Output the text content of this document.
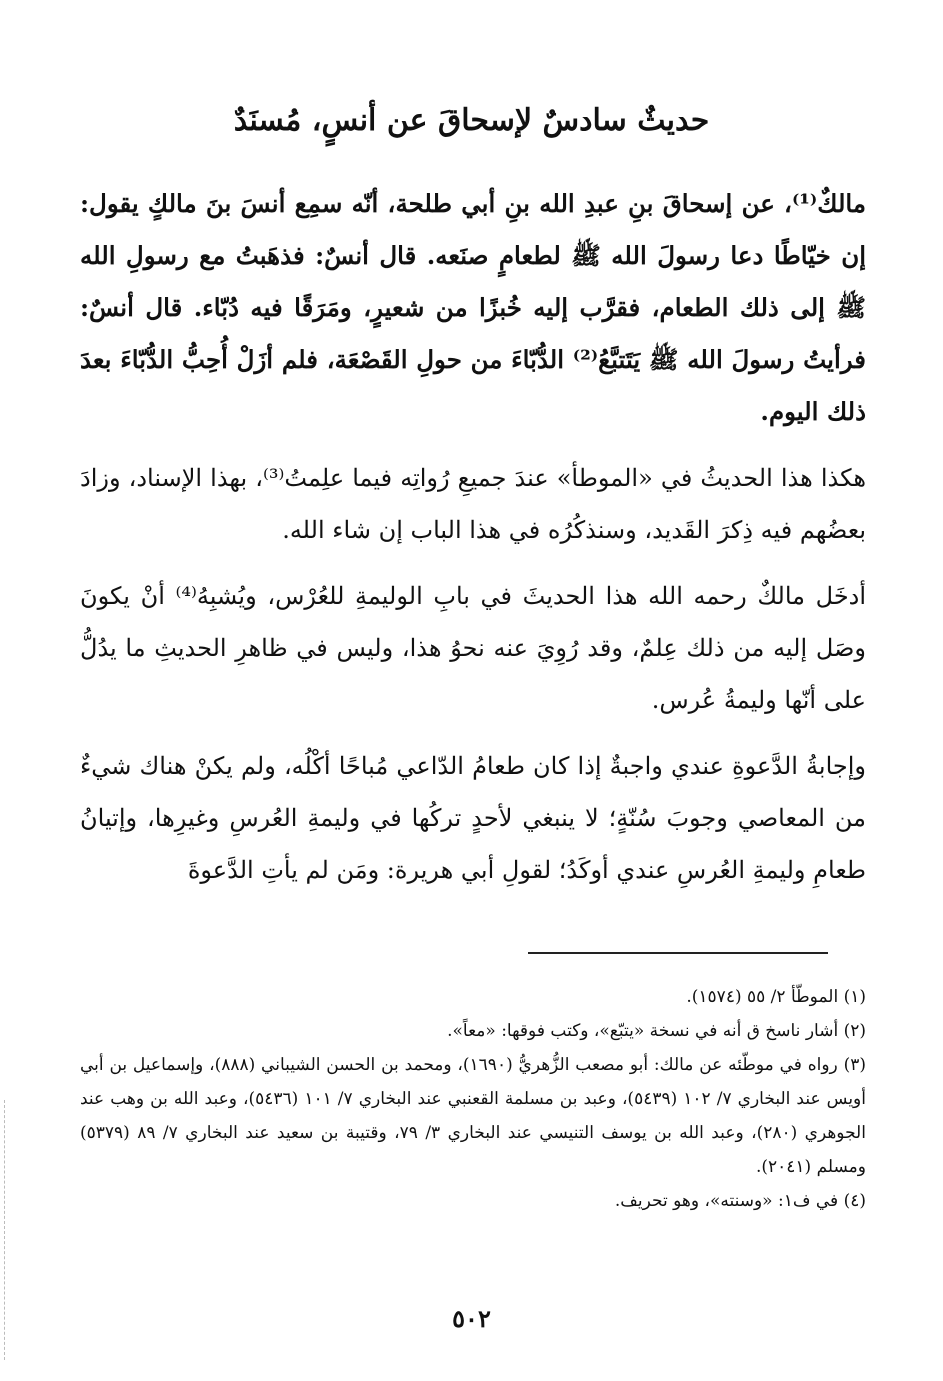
حديثٌ سادسٌ لإسحاقَ عن أنسٍ، مُسنَدٌ

مالكٌ⁽¹⁾، عن إسحاقَ بنِ عبدِ الله بنِ أبي طلحة، أنّه سمِع أنسَ بنَ مالكٍ يقول: إن خيّاطًا دعا رسولَ الله ﷺ لطعامٍ صنَعه. قال أنسٌ: فذهَبتُ مع رسولِ الله ﷺ إلى ذلك الطعام، فقرَّب إليه خُبزًا من شعيرٍ، ومَرَقًا فيه دُبّاء. قال أنسٌ: فرأيتُ رسولَ الله ﷺ يَتَتبَّعُ⁽²⁾ الدُّبّاءَ من حولِ القَصْعَة، فلم أزَلْ أُحِبُّ الدُّبّاءَ بعدَ ذلك اليوم.

هكذا هذا الحديثُ في «الموطأ» عندَ جميعِ رُواتِه فيما علِمتُ⁽³⁾، بهذا الإسناد، وزادَ بعضُهم فيه ذِكرَ القَديد، وسنذكُرُه في هذا الباب إن شاء الله.

أدخَل مالكٌ رحمه الله هذا الحديثَ في بابِ الوليمةِ للعُرْس، ويُشبِهُ⁽⁴⁾ أنْ يكونَ وصَل إليه من ذلك عِلمٌ، وقد رُوِيَ عنه نحوُ هذا، وليس في ظاهرِ الحديثِ ما يدُلُّ على أنّها وليمةُ عُرس.

وإجابةُ الدَّعوةِ عندي واجبةٌ إذا كان طعامُ الدّاعي مُباحًا أكْلُه، ولم يكنْ هناك شيءٌ من المعاصي وجوبَ سُنّةٍ؛ لا ينبغي لأحدٍ تركُها في وليمةِ العُرسِ وغيرِها، وإتيانُ طعامِ وليمةِ العُرسِ عندي أوكَدُ؛ لقولِ أبي هريرة: ومَن لم يأتِ الدَّعوةَ

(١) الموطّأ ٢/ ٥٥ (١٥٧٤).

(٢) أشار ناسخ ق أنه في نسخة «يتبّع»، وكتب فوقها: «معاً».

(٣) رواه في موطّئه عن مالك: أبو مصعب الزُّهريُّ (١٦٩٠)، ومحمد بن الحسن الشيباني (٨٨٨)، وإسماعيل بن أبي أويس عند البخاري ٧/ ١٠٢ (٥٤٣٩)، وعبد بن مسلمة القعنبي عند البخاري ٧/ ١٠١ (٥٤٣٦)، وعبد الله بن وهب عند الجوهري (٢٨٠)، وعبد الله بن يوسف التنيسي عند البخاري ٣/ ٧٩، وقتيبة بن سعيد عند البخاري ٧/ ٨٩ (٥٣٧٩) ومسلم (٢٠٤١).

(٤) في ف١: «وسنته»، وهو تحريف.

٥٠٢
